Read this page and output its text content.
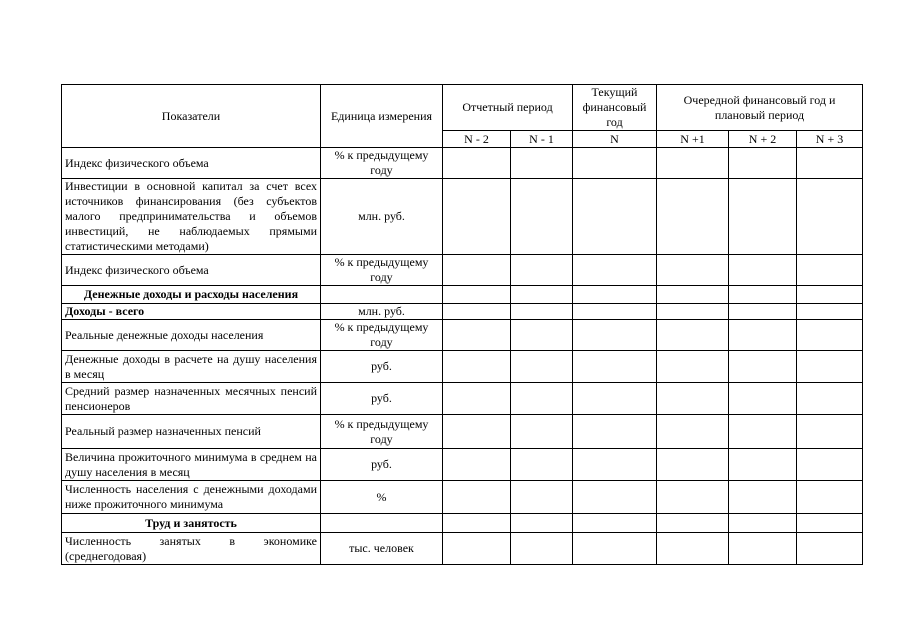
Показатели	Единица измерения	Отчетный период		Текущий финансовый год	Очередной финансовый год и плановый период		
		N - 2	N - 1	N	N +1	N + 2	N + 3
Индекс физического объема	% к предыдущему году						
Инвестиции в основной капитал за счет всех источников финансирования (без субъектов малого предпринимательства и объемов инвестиций, не наблюдаемых прямыми статистическими методами)	млн. руб.						
Индекс физического объема	% к предыдущему году						
Денежные доходы и расходы населения							
Доходы - всего	млн. руб.						
Реальные денежные доходы населения	% к предыдущему году						
Денежные доходы в расчете на душу населения в месяц	руб.						
Средний размер назначенных месячных пенсий пенсионеров	руб.						
Реальный размер назначенных пенсий	% к предыдущему году						
Величина прожиточного минимума в среднем на душу населения в месяц	руб.						
Численность населения с денежными доходами ниже прожиточного минимума	%						
Труд и занятость							
Численность занятых в экономике (среднегодовая)	тыс. человек						
